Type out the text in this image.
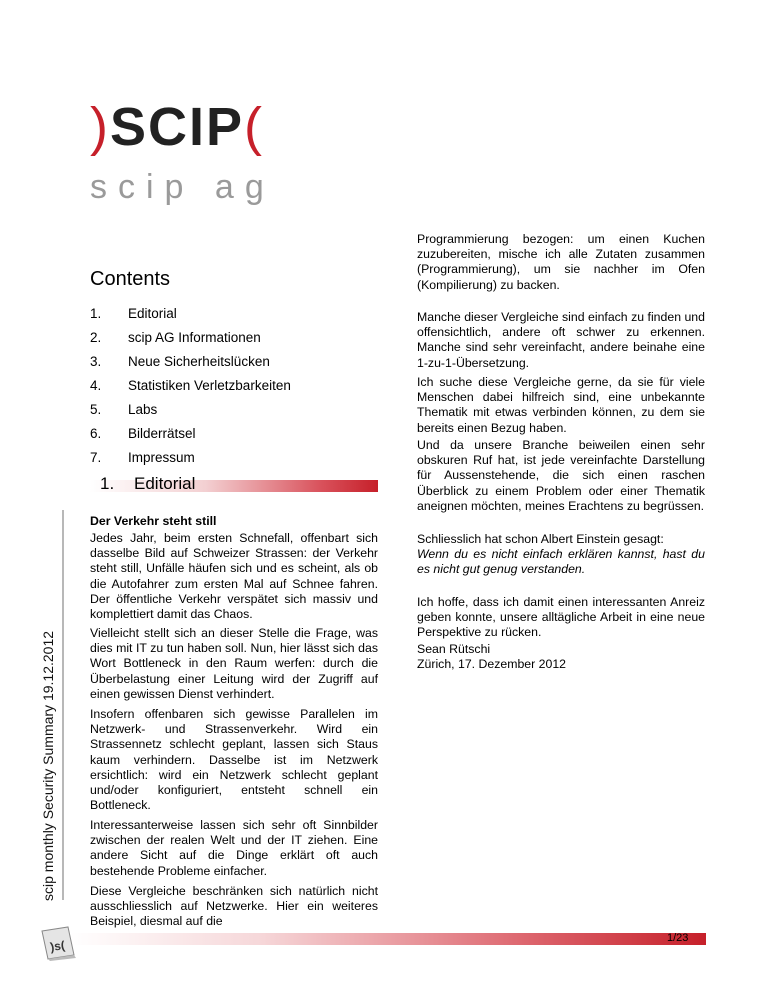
)SCIP(
scip ag
scip monthly Security Summary 19.12.2012
Contents
1.	Editorial
2.	scip AG Informationen
3.	Neue Sicherheitslücken
4.	Statistiken Verletzbarkeiten
5.	Labs
6.	Bilderrätsel
7.	Impressum
1. Editorial
Der Verkehr steht still
Jedes Jahr, beim ersten Schnefall, offenbart sich dasselbe Bild auf Schweizer Strassen: der Verkehr steht still, Unfälle häufen sich und es scheint, als ob die Autofahrer zum ersten Mal auf Schnee fahren. Der öffentliche Verkehr verspätet sich massiv und komplettiert damit das Chaos.
Vielleicht stellt sich an dieser Stelle die Frage, was dies mit IT zu tun haben soll. Nun, hier lässt sich das Wort Bottleneck in den Raum werfen: durch die Überbelastung einer Leitung wird der Zugriff auf einen gewissen Dienst verhindert.
Insofern offenbaren sich gewisse Parallelen im Netzwerk- und Strassenverkehr. Wird ein Strassennetz schlecht geplant, lassen sich Staus kaum verhindern. Dasselbe ist im Netzwerk ersichtlich: wird ein Netzwerk schlecht geplant und/oder konfiguriert, entsteht schnell ein Bottleneck.
Interessanterweise lassen sich sehr oft Sinnbilder zwischen der realen Welt und der IT ziehen. Eine andere Sicht auf die Dinge erklärt oft auch bestehende Probleme einfacher.
Diese Vergleiche beschränken sich natürlich nicht ausschliesslich auf Netzwerke. Hier ein weiteres Beispiel, diesmal auf die
Programmierung bezogen: um einen Kuchen zuzubereiten, mische ich alle Zutaten zusammen (Programmierung), um sie nachher im Ofen (Kompilierung) zu backen.
Manche dieser Vergleiche sind einfach zu finden und offensichtlich, andere oft schwer zu erkennen. Manche sind sehr vereinfacht, andere beinahe eine 1-zu-1-Übersetzung.
Ich suche diese Vergleiche gerne, da sie für viele Menschen dabei hilfreich sind, eine unbekannte Thematik mit etwas verbinden können, zu dem sie bereits einen Bezug haben.
Und da unsere Branche beiweilen einen sehr obskuren Ruf hat, ist jede vereinfachte Darstellung für Aussenstehende, die sich einen raschen Überblick zu einem Problem oder einer Thematik aneignen möchten, meines Erachtens zu begrüssen.
Schliesslich hat schon Albert Einstein gesagt:
Wenn du es nicht einfach erklären kannst, hast du es nicht gut genug verstanden.
Ich hoffe, dass ich damit einen interessanten Anreiz geben konnte, unsere alltägliche Arbeit in eine neue Perspektive zu rücken.
Sean Rütschi
Zürich, 17. Dezember 2012
1/23
)s(
